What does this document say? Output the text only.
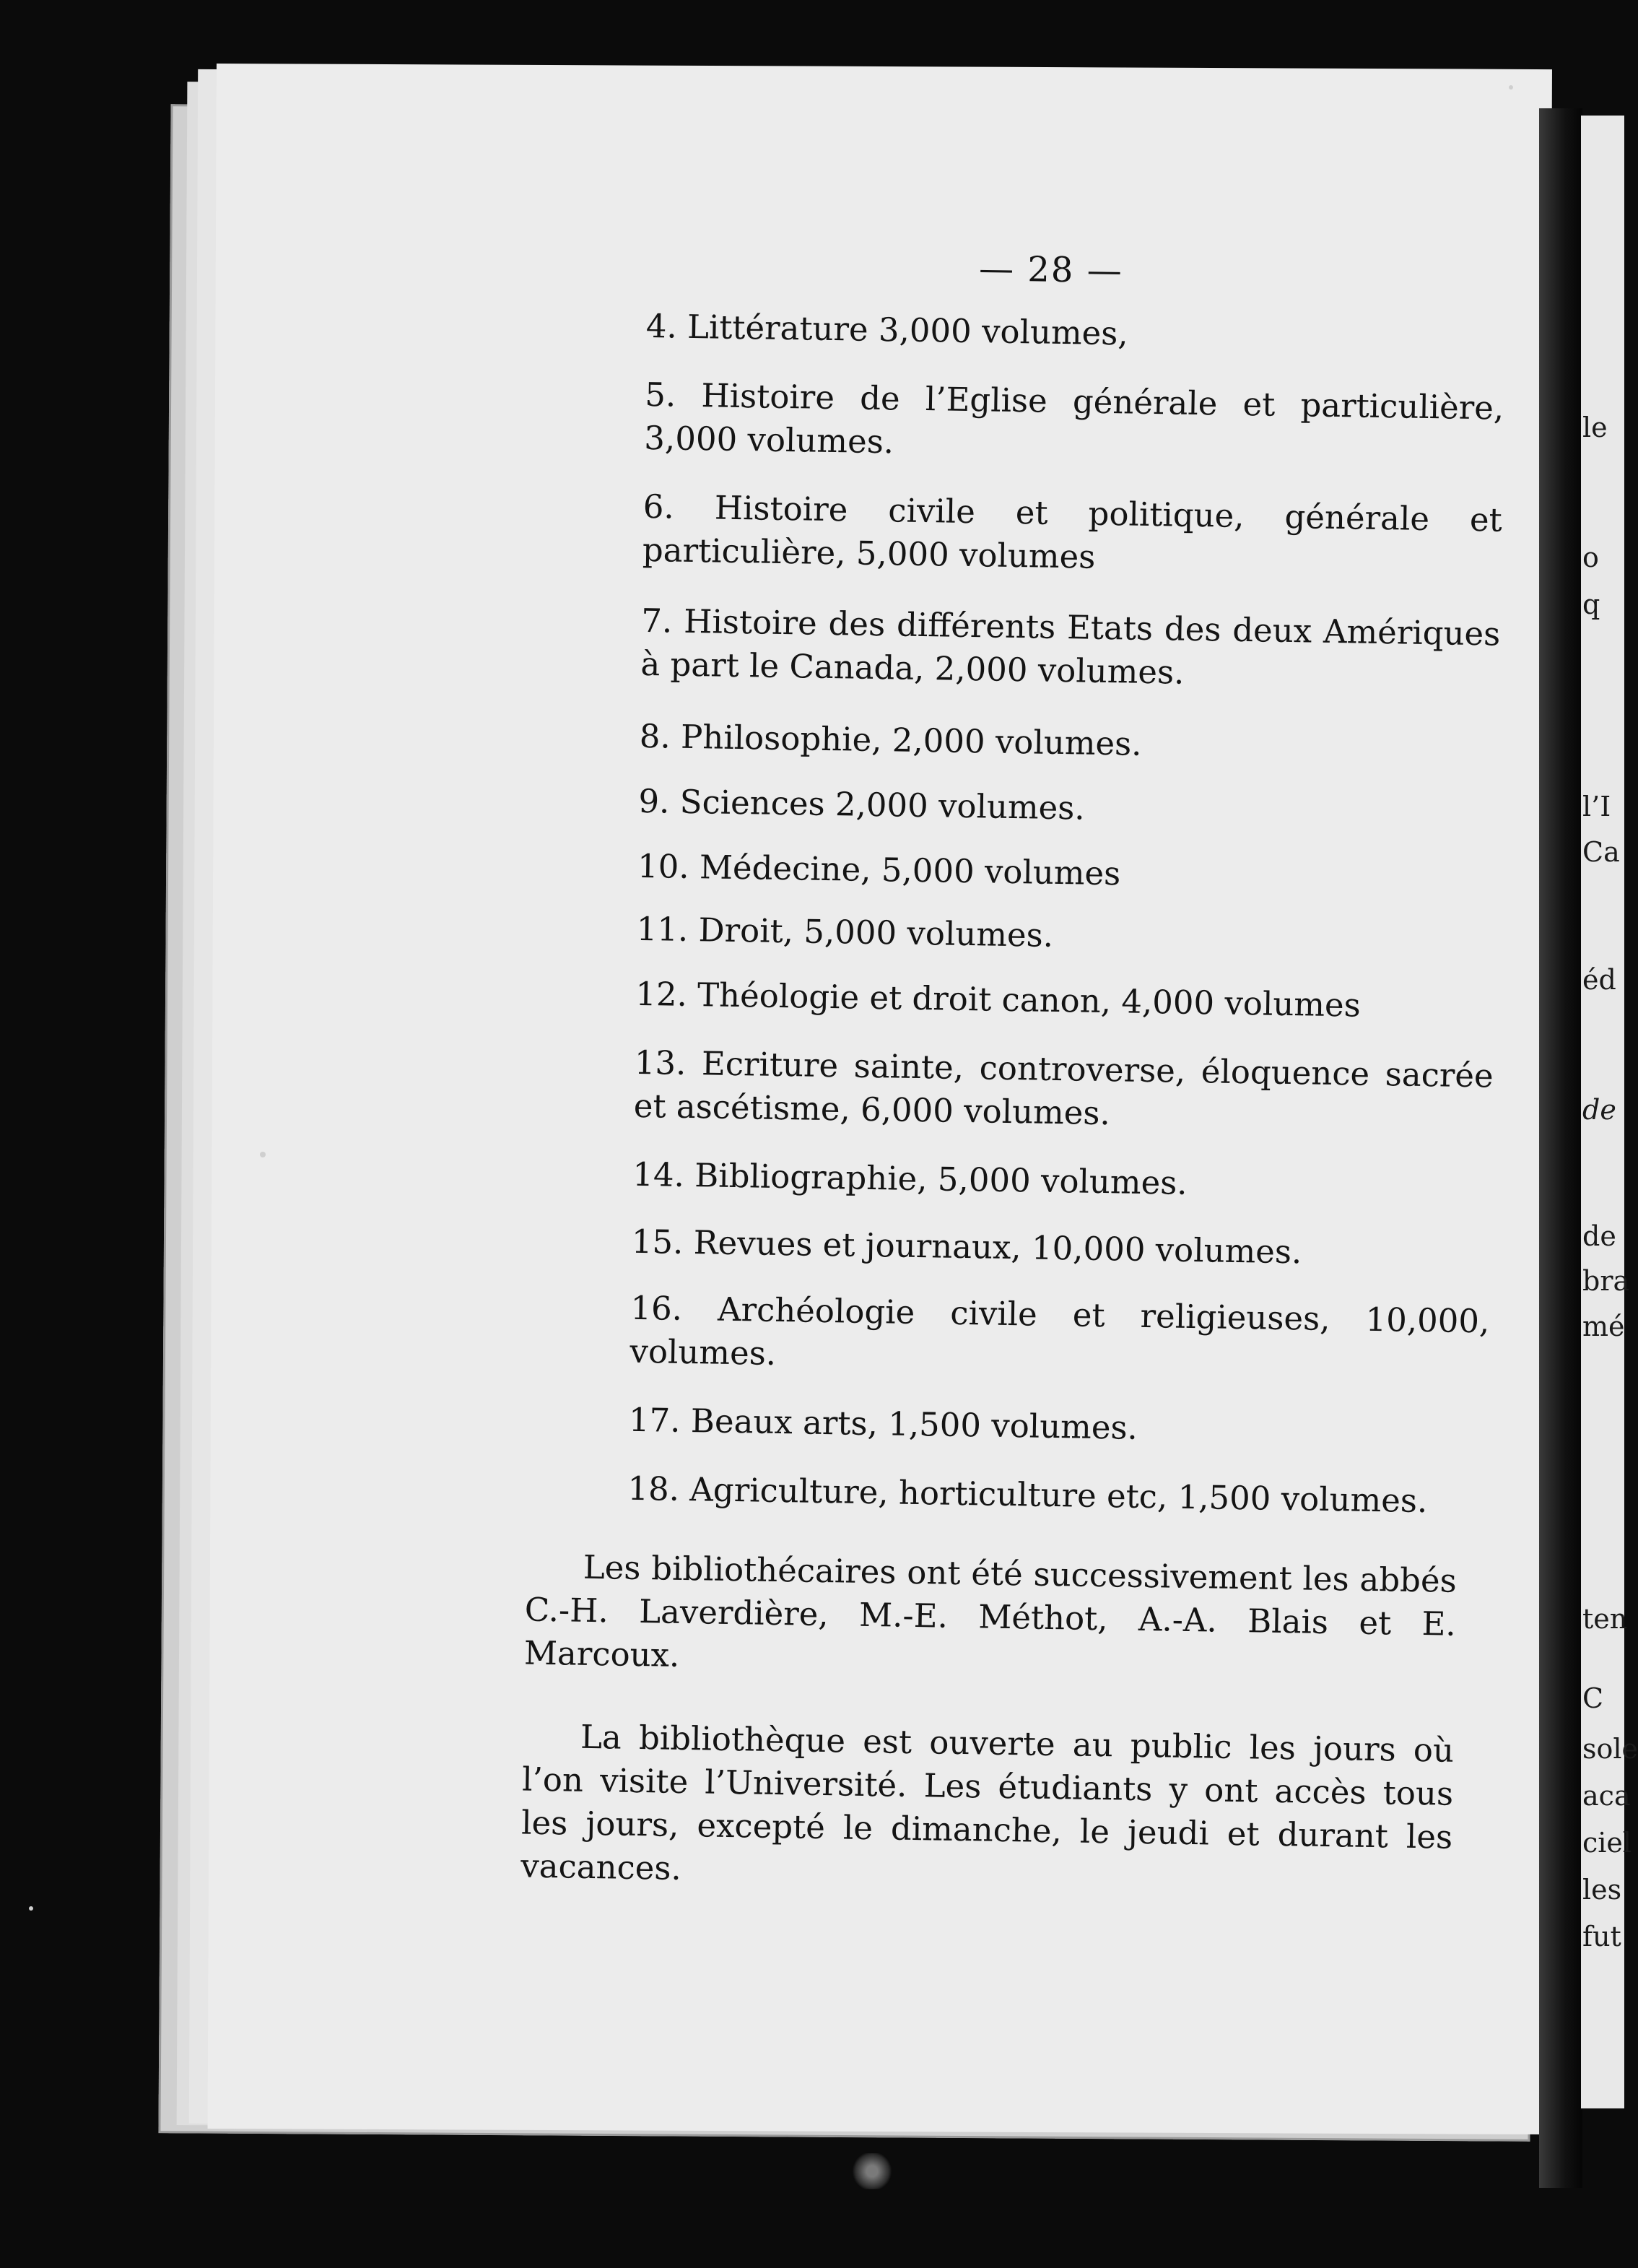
le
o
q
l’I
Ca
éd
de
de
bra
mé
ten
C
sole
aca
ciel
les
fut
— 28 —
4. Littérature 3,000 volumes,
5. Histoire de l’Eglise générale et particulière, 3,000 volumes.
6. Histoire civile et politique, générale et particulière, 5,000 volumes
7. Histoire des différents Etats des deux Amériques à part le Canada, 2,000 volumes.
8. Philosophie, 2,000 volumes.
9. Sciences 2,000 volumes.
10. Médecine, 5,000 volumes
11. Droit, 5,000 volumes.
12. Théologie et droit canon, 4,000 volumes
13. Ecriture sainte, controverse, éloquence sacrée et ascétisme, 6,000 volumes.
14. Bibliographie, 5,000 volumes.
15. Revues et journaux, 10,000 volumes.
16. Archéologie civile et religieuses, 10,000, volumes.
17. Beaux arts, 1,500 volumes.
18. Agriculture, horticulture etc, 1,500 volumes.
Les bibliothécaires ont été successivement les abbés C.-H. Laverdière, M.-E. Méthot, A.-A. Blais et E. Marcoux.
La bibliothèque est ouverte au public les jours où l’on visite l’Université. Les étudiants y ont accès tous les jours, excepté le dimanche, le jeudi et durant les vacances.
